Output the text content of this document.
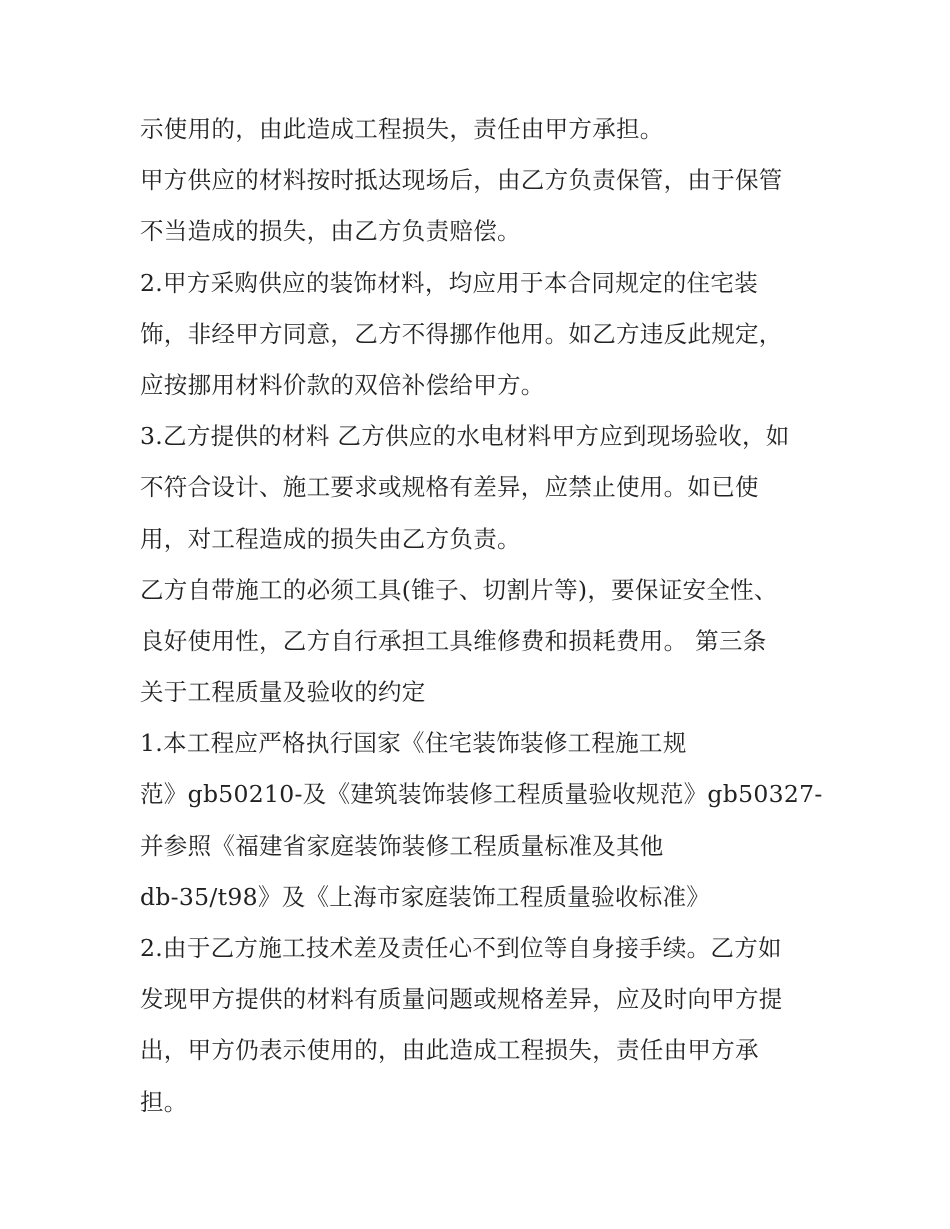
示使用的，由此造成工程损失，责任由甲方承担。

甲方供应的材料按时抵达现场后，由乙方负责保管，由于保管

不当造成的损失，由乙方负责赔偿。

2.甲方采购供应的装饰材料，均应用于本合同规定的住宅装

饰，非经甲方同意，乙方不得挪作他用。如乙方违反此规定，

应按挪用材料价款的双倍补偿给甲方。

3.乙方提供的材料 乙方供应的水电材料甲方应到现场验收，如

不符合设计、施工要求或规格有差异，应禁止使用。如已使

用，对工程造成的损失由乙方负责。

乙方自带施工的必须工具(锥子、切割片等)，要保证安全性、

良好使用性，乙方自行承担工具维修费和损耗费用。 第三条

关于工程质量及验收的约定

1.本工程应严格执行国家《住宅装饰装修工程施工规

范》gb50210-及《建筑装饰装修工程质量验收规范》gb50327-

并参照《福建省家庭装饰装修工程质量标准及其他

db-35/t98》及《上海市家庭装饰工程质量验收标准》

2.由于乙方施工技术差及责任心不到位等自身接手续。乙方如

发现甲方提供的材料有质量问题或规格差异，应及时向甲方提

出，甲方仍表示使用的，由此造成工程损失，责任由甲方承

担。
